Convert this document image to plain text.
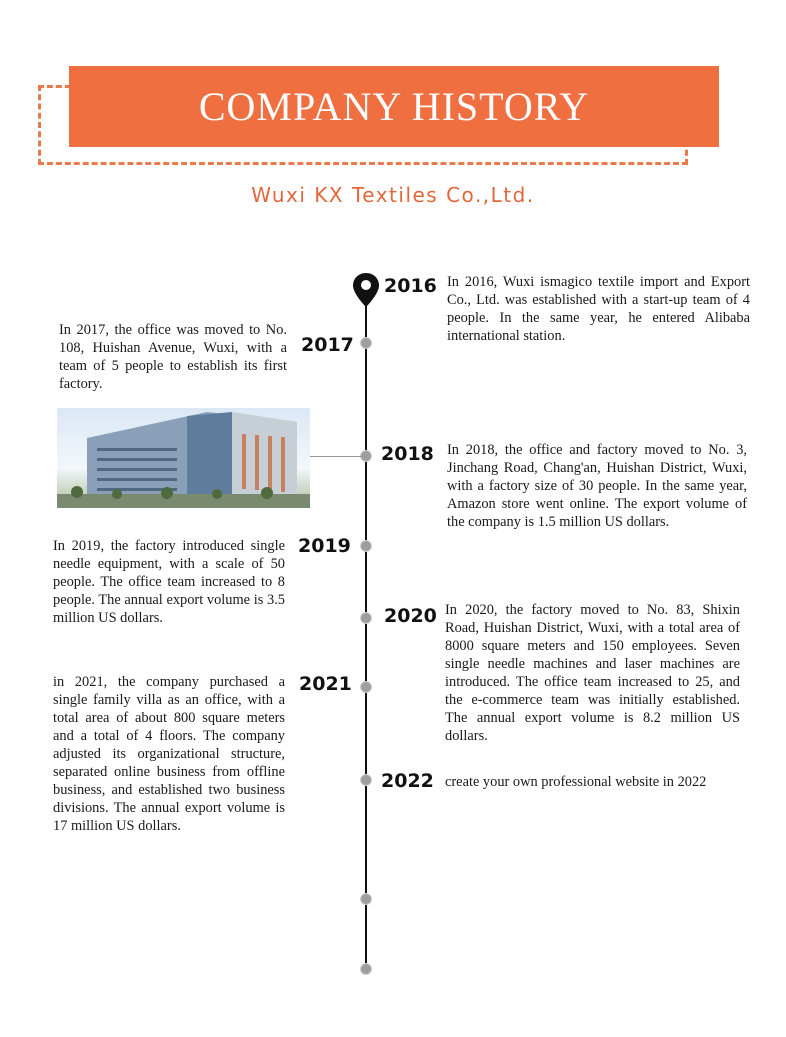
COMPANY HISTORY
Wuxi KX Textiles Co.,Ltd.
2016 In 2016, Wuxi ismagico textile import and Export Co., Ltd. was established with a start-up team of 4 people. In the same year, he entered Alibaba international station.
2017
In 2017, the office was moved to No. 108, Huishan Avenue, Wuxi, with a team of 5 people to establish its first factory.
2018 In 2018, the office and factory moved to No. 3, Jinchang Road, Chang'an, Huishan District, Wuxi, with a factory size of 30 people. In the same year, Amazon store went online. The export volume of the company is 1.5 million US dollars.
2019
In 2019, the factory introduced single needle equipment, with a scale of 50 people. The office team increased to 8 people. The annual export volume is 3.5 million US dollars.	2020 In 2020, the factory moved to No. 83, Shixin Road, Huishan District, Wuxi, with a total area of 8000 square meters and 150 employees. Seven single needle machines and laser machines are introduced. The office team increased to 25, and the e-commerce team was initially established. The annual export volume is 8.2 million US dollars.
2021
in 2021, the company purchased a single family villa as an office, with a total area of about 800 square meters and a total of 4 floors. The company adjusted its organizational structure, separated online business from offline business, and established two business divisions. The annual export volume is 17 million US dollars.
2022 create your own professional website in 2022
